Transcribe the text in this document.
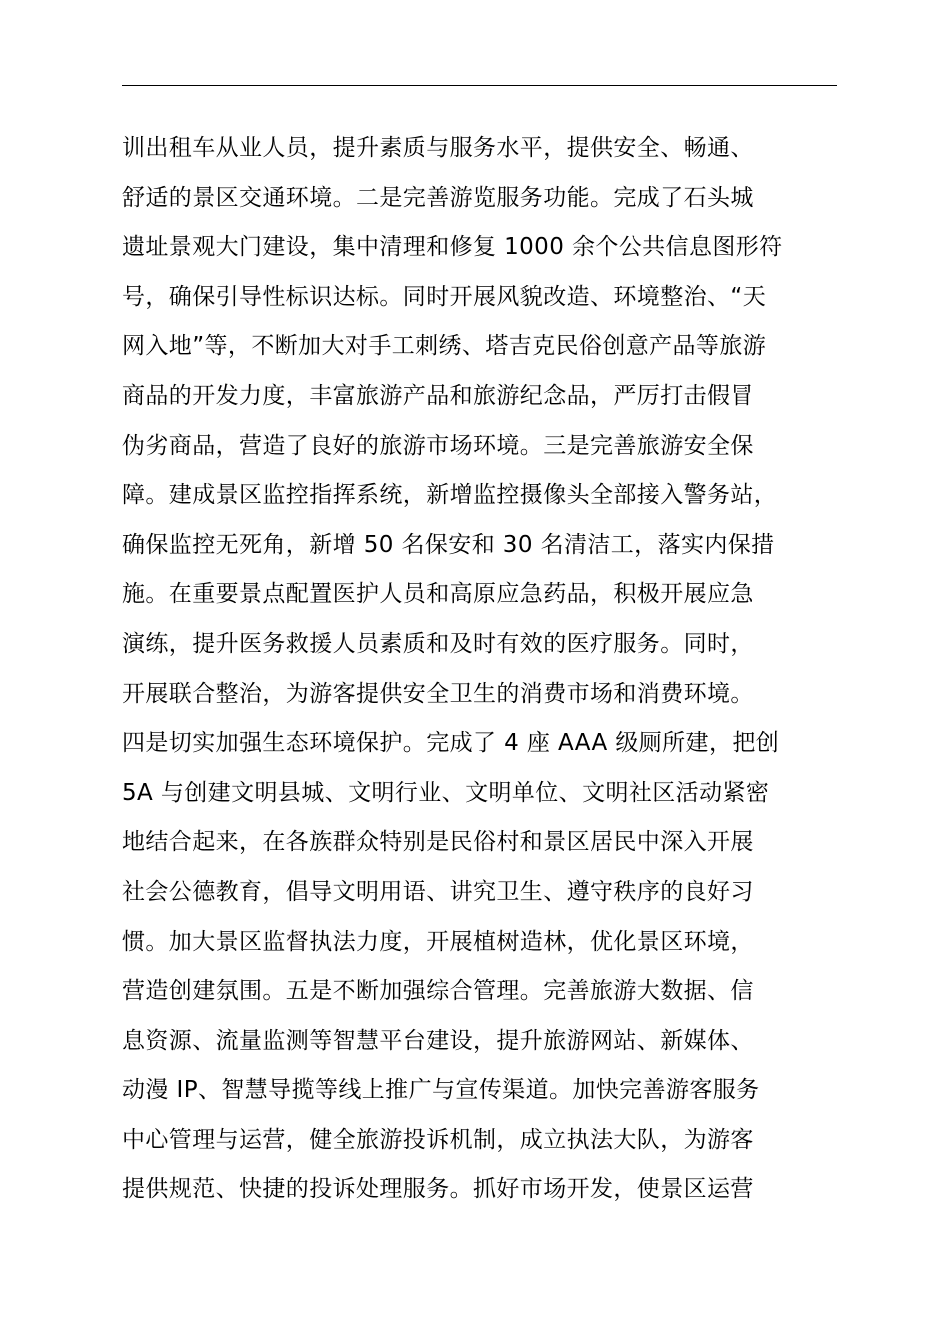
训出租车从业人员，提升素质与服务水平，提供安全、畅通、
舒适的景区交通环境。二是完善游览服务功能。完成了石头城
遗址景观大门建设，集中清理和修复 1000 余个公共信息图形符
号，确保引导性标识达标。同时开展风貌改造、环境整治、“天
网入地”等，不断加大对手工刺绣、塔吉克民俗创意产品等旅游
商品的开发力度，丰富旅游产品和旅游纪念品，严厉打击假冒
伪劣商品，营造了良好的旅游市场环境。三是完善旅游安全保
障。建成景区监控指挥系统，新增监控摄像头全部接入警务站，
确保监控无死角，新增 50 名保安和 30 名清洁工，落实内保措
施。在重要景点配置医护人员和高原应急药品，积极开展应急
演练，提升医务救援人员素质和及时有效的医疗服务。同时，
开展联合整治，为游客提供安全卫生的消费市场和消费环境。
四是切实加强生态环境保护。完成了 4 座 AAA 级厕所建，把创
5A 与创建文明县城、文明行业、文明单位、文明社区活动紧密
地结合起来，在各族群众特别是民俗村和景区居民中深入开展
社会公德教育，倡导文明用语、讲究卫生、遵守秩序的良好习
惯。加大景区监督执法力度，开展植树造林，优化景区环境，
营造创建氛围。五是不断加强综合管理。完善旅游大数据、信
息资源、流量监测等智慧平台建设，提升旅游网站、新媒体、
动漫 IP、智慧导揽等线上推广与宣传渠道。加快完善游客服务
中心管理与运营，健全旅游投诉机制，成立执法大队，为游客
提供规范、快捷的投诉处理服务。抓好市场开发，使景区运营
